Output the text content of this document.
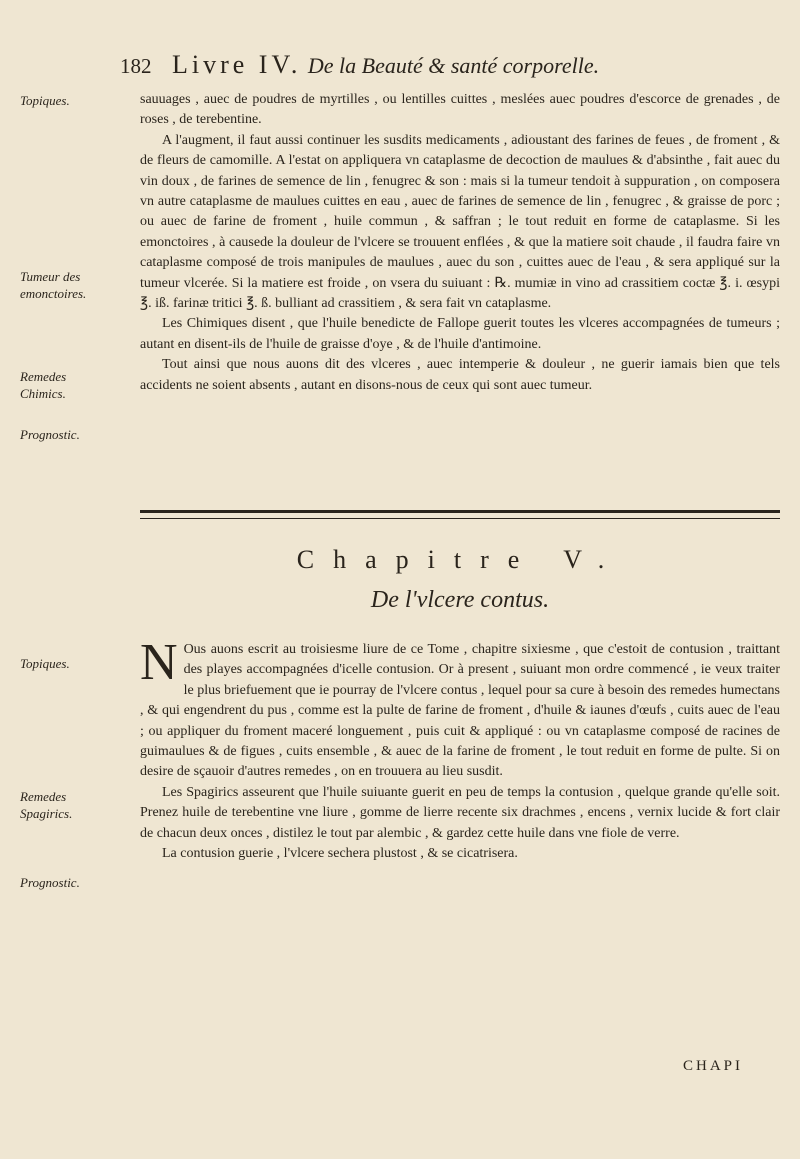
182 Livre IV. De la Beauté & santé corporelle.
Topiques.
Tumeur des emonctoires.
Remedes Chimics.
Prognostic.
Topiques.
Remedes Spagirics.
Prognostic.

sauuages , auec de poudres de myrtilles , ou lentilles cuittes , meslées auec poudres d'escorce de grenades , de roses , de terebentine.

A l'augment, il faut aussi continuer les susdits medicaments , adioustant des farines de feues , de froment , & de fleurs de camomille. A l'estat on appliquera vn cataplasme de decoction de maulues & d'absinthe , fait auec du vin doux , de farines de semence de lin , fenugrec & son : mais si la tumeur tendoit à suppuration , on composera vn autre cataplasme de maulues cuittes en eau , auec de farines de semence de lin , fenugrec , & graisse de porc ; ou auec de farine de froment , huile commun , & saffran ; le tout reduit en forme de cataplasme. Si les emonctoires , à causede la douleur de l'vlcere se trouuent enflées , & que la matiere soit chaude , il faudra faire vn cataplasme composé de trois manipules de maulues , auec du son , cuittes auec de l'eau , & sera appliqué sur la tumeur vlcerée. Si la matiere est froide , on vsera du suiuant : ℞. mumiæ in vino ad crassitiem coctæ ℥. i. œsypi ℥. iß. farinæ tritici ℥. ß. bulliant ad crassitiem , & sera fait vn cataplasme.

Les Chimiques disent , que l'huile benedicte de Fallope guerit toutes les vlceres accompagnées de tumeurs ; autant en disent-ils de l'huile de graisse d'oye , & de l'huile d'antimoine.

Tout ainsi que nous auons dit des vlceres , auec intemperie & douleur , ne guerir iamais bien que tels accidents ne soient absents , autant en disons-nous de ceux qui sont auec tumeur.

Chapitre V.
De l'vlcere contus.

N Ous auons escrit au troisiesme liure de ce Tome , chapitre sixiesme , que c'estoit de contusion , traittant des playes accompagnées d'icelle contusion. Or à present , suiuant mon ordre commencé , ie veux traiter le plus briefuement que ie pourray de l'vlcere contus , lequel pour sa cure à besoin des remedes humectans , & qui engendrent du pus , comme est la pulte de farine de froment , d'huile & iaunes d'œufs , cuits auec de l'eau ; ou appliquer du froment maceré longuement , puis cuit & appliqué : ou vn cataplasme composé de racines de guimaulues & de figues , cuits ensemble , & auec de la farine de froment , le tout reduit en forme de pulte. Si on desire de sçauoir d'autres remedes , on en trouuera au lieu susdit.

Les Spagirics asseurent que l'huile suiuante guerit en peu de temps la contusion , quelque grande qu'elle soit. Prenez huile de terebentine vne liure , gomme de lierre recente six drachmes , encens , vernix lucide & fort clair de chacun deux onces , distilez le tout par alembic , & gardez cette huile dans vne fiole de verre.

La contusion guerie , l'vlcere sechera plustost , & se cicatrisera.

CHAPI
